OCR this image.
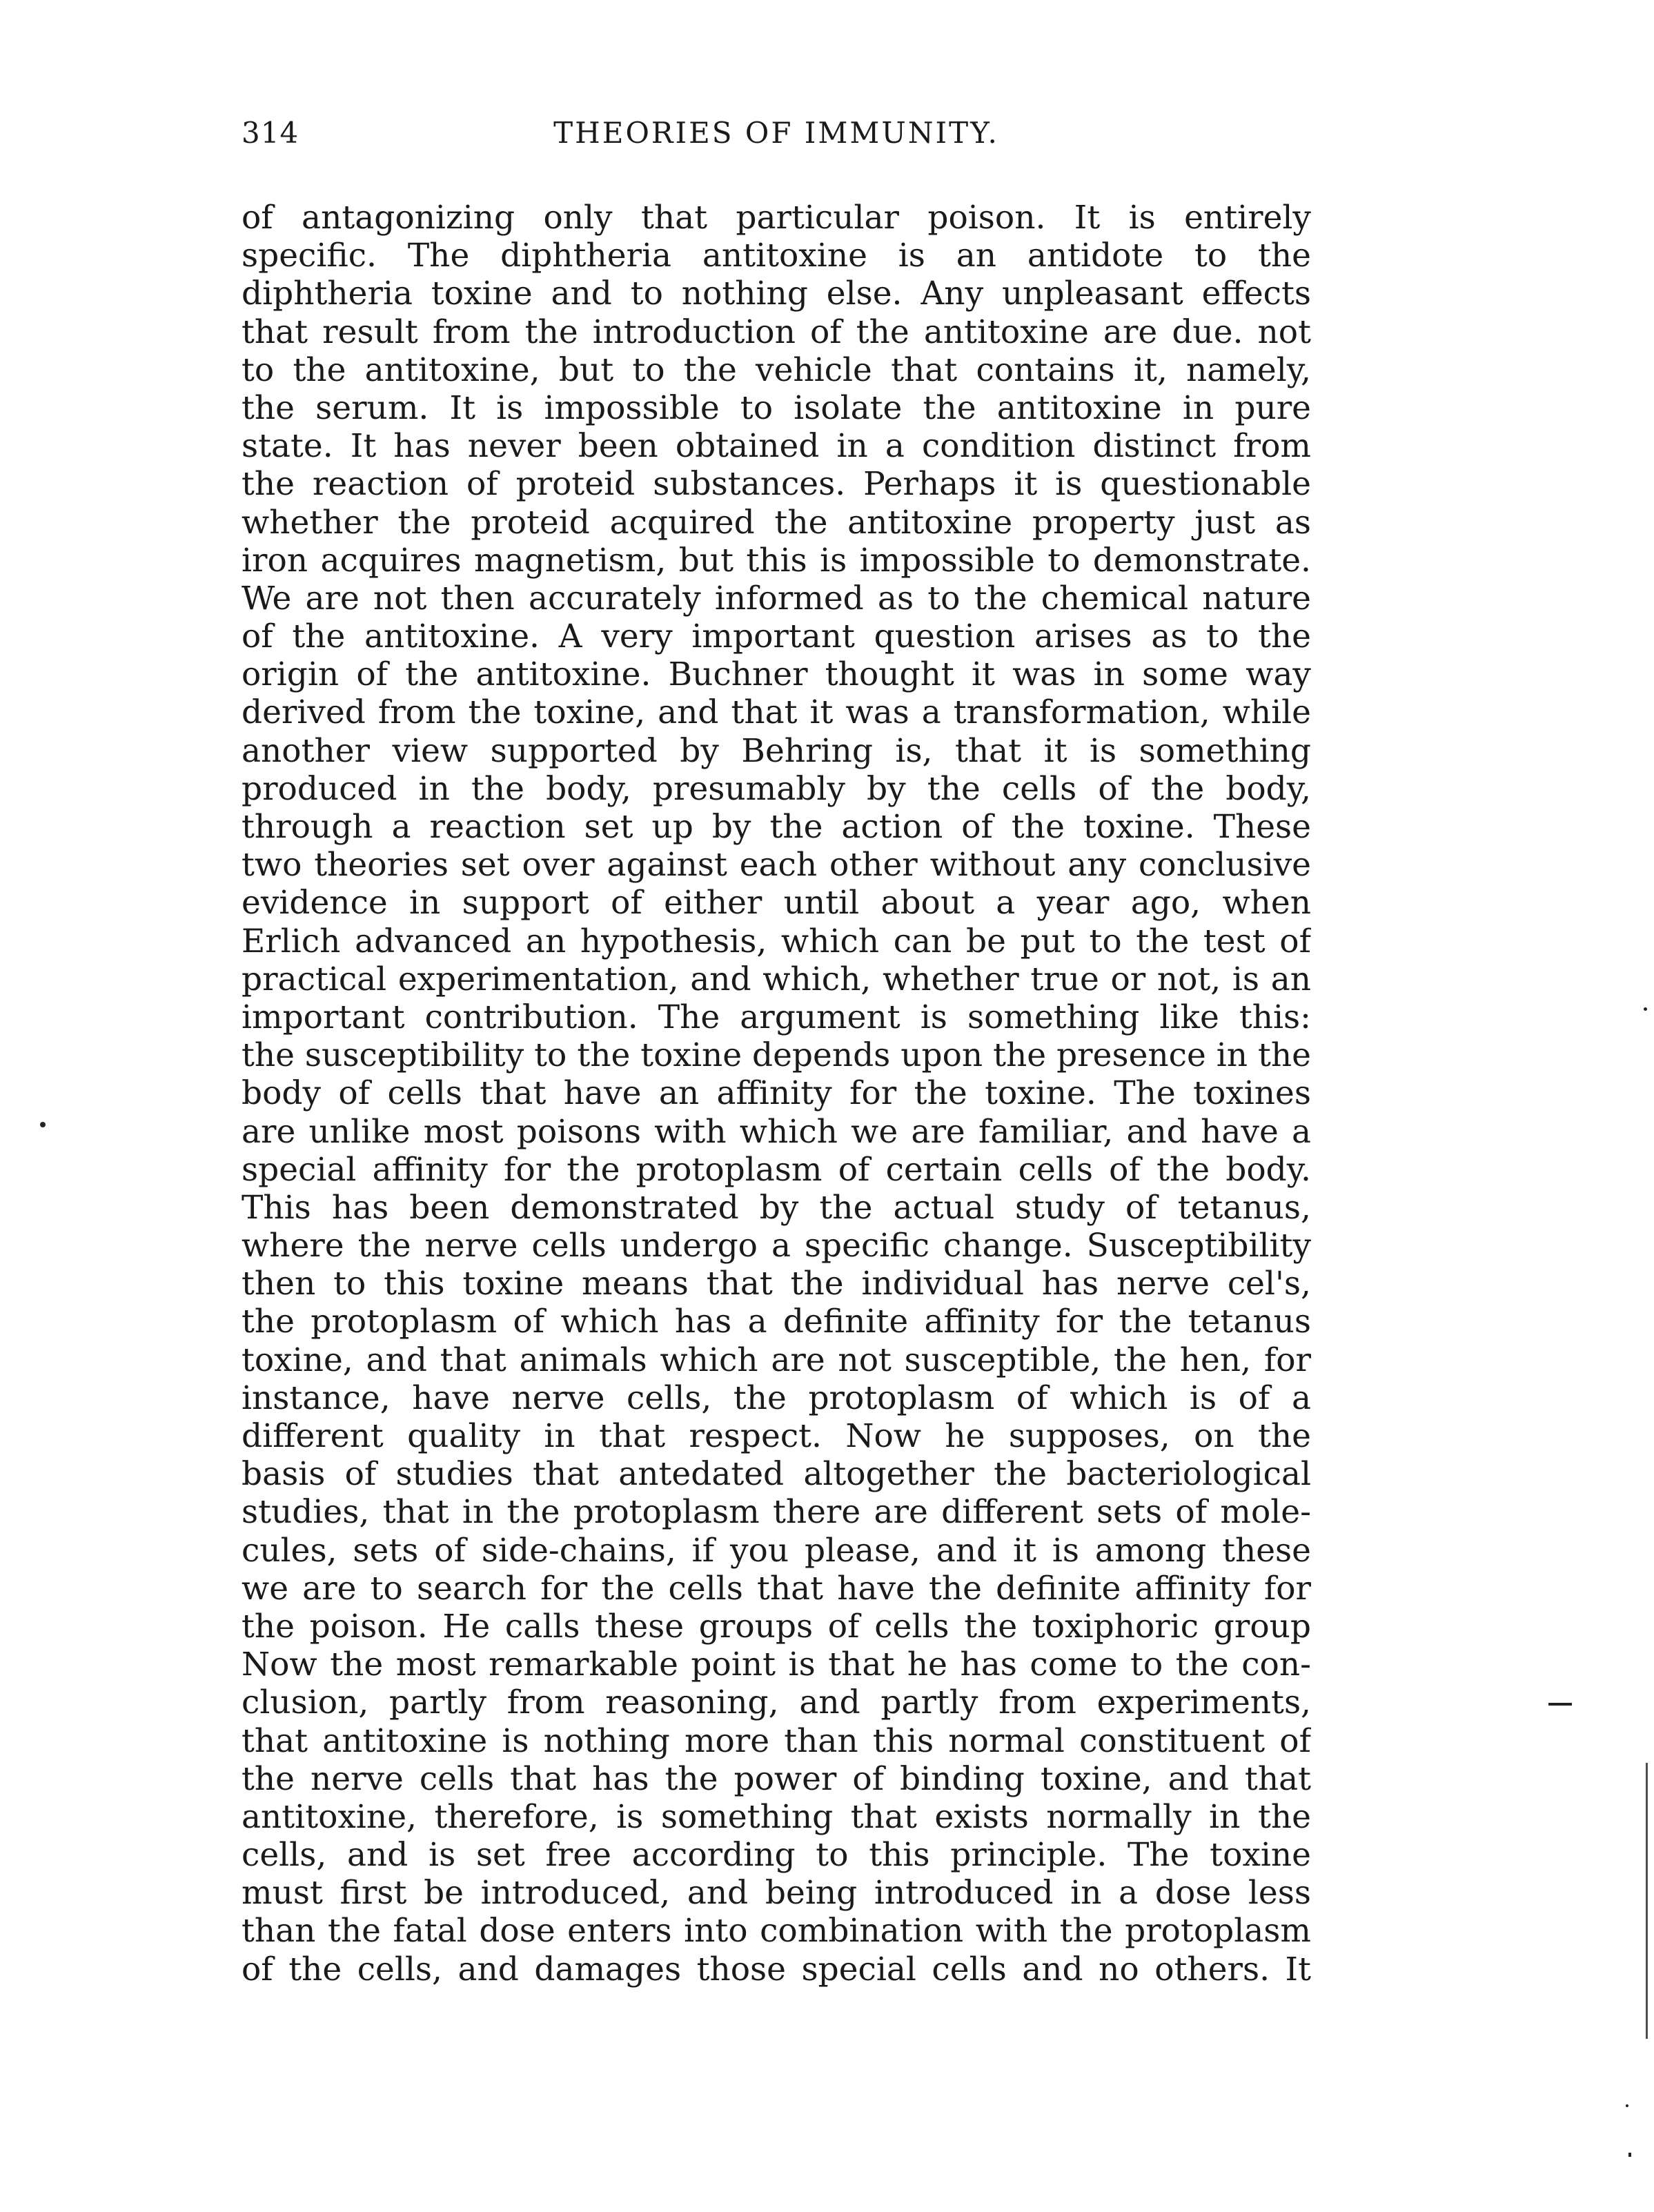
314	THEORIES OF IMMUNITY.
of antagonizing only that particular poison. It is entirely
specific. The diphtheria antitoxine is an antidote to the
diphtheria toxine and to nothing else. Any unpleasant effects
that result from the introduction of the antitoxine are due. not
to the antitoxine, but to the vehicle that contains it, namely,
the serum. It is impossible to isolate the antitoxine in pure
state. It has never been obtained in a condition distinct from
the reaction of proteid substances. Perhaps it is questionable
whether the proteid acquired the antitoxine property just as
iron acquires magnetism, but this is impossible to demonstrate.
We are not then accurately informed as to the chemical nature
of the antitoxine. A very important question arises as to the
origin of the antitoxine. Buchner thought it was in some way
derived from the toxine, and that it was a transformation, while
another view supported by Behring is, that it is something
produced in the body, presumably by the cells of the body,
through a reaction set up by the action of the toxine. These
two theories set over against each other without any conclusive
evidence in support of either until about a year ago, when
Erlich advanced an hypothesis, which can be put to the test of
practical experimentation, and which, whether true or not, is an
important contribution. The argument is something like this:
the susceptibility to the toxine depends upon the presence in the
body of cells that have an affinity for the toxine. The toxines
are unlike most poisons with which we are familiar, and have a
special affinity for the protoplasm of certain cells of the body.
This has been demonstrated by the actual study of tetanus,
where the nerve cells undergo a specific change. Susceptibility
then to this toxine means that the individual has nerve cel's,
the protoplasm of which has a definite affinity for the tetanus
toxine, and that animals which are not susceptible, the hen, for
instance, have nerve cells, the protoplasm of which is of a
different quality in that respect. Now he supposes, on the
basis of studies that antedated altogether the bacteriological
studies, that in the protoplasm there are different sets of mole-
cules, sets of side-chains, if you please, and it is among these
we are to search for the cells that have the definite affinity for
the poison. He calls these groups of cells the toxiphoric group
Now the most remarkable point is that he has come to the con-
clusion, partly from reasoning, and partly from experiments,
that antitoxine is nothing more than this normal constituent of
the nerve cells that has the power of binding toxine, and that
antitoxine, therefore, is something that exists normally in the
cells, and is set free according to this principle. The toxine
must first be introduced, and being introduced in a dose less
than the fatal dose enters into combination with the protoplasm
of the cells, and damages those special cells and no others. It
